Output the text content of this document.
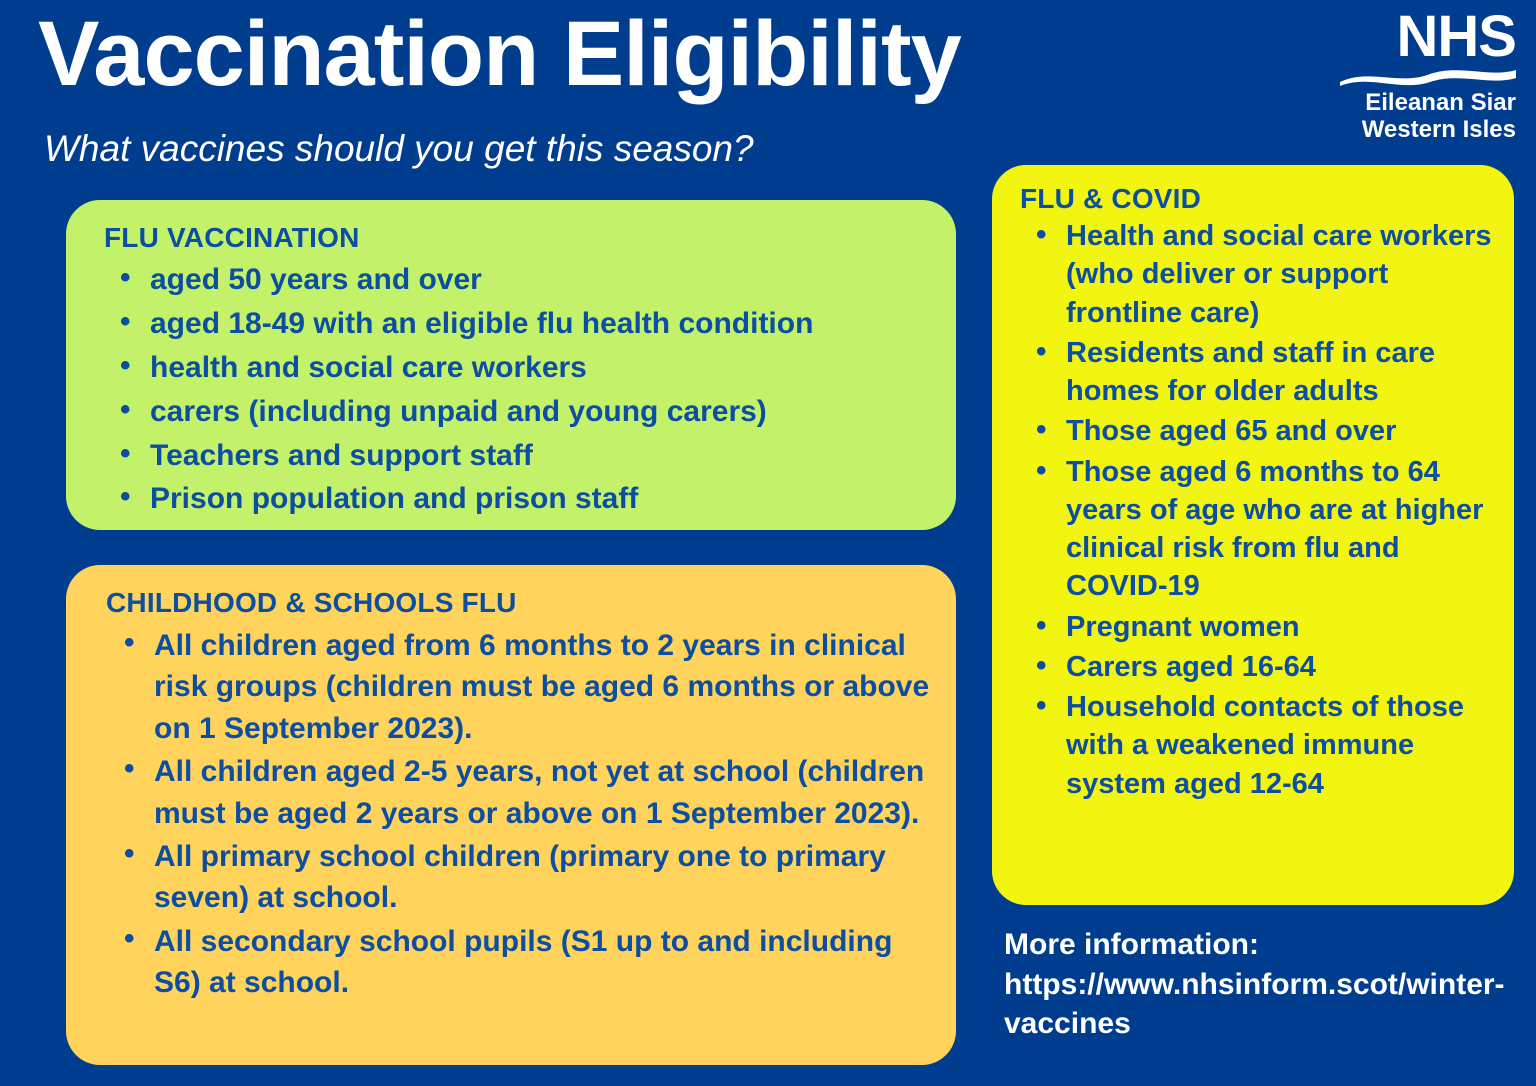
Vaccination Eligibility
What vaccines should you get this season?
NHS
Eileanan Siar
Western Isles
FLU VACCINATION
• aged 50 years and over
• aged 18-49 with an eligible flu health condition
• health and social care workers
• carers (including unpaid and young carers)
• Teachers and support staff
• Prison population and prison staff
CHILDHOOD & SCHOOLS FLU
• All children aged from 6 months to 2 years in clinical risk groups (children must be aged 6 months or above on 1 September 2023).
• All children aged 2-5 years, not yet at school (children must be aged 2 years or above on 1 September 2023).
• All primary school children (primary one to primary seven) at school.
• All secondary school pupils (S1 up to and including S6) at school.
FLU & COVID
• Health and social care workers (who deliver or support frontline care)
• Residents and staff in care homes for older adults
• Those aged 65 and over
• Those aged 6 months to 64 years of age who are at higher clinical risk from flu and COVID-19
• Pregnant women
• Carers aged 16-64
• Household contacts of those with a weakened immune system aged 12-64
More information: https://www.nhsinform.scot/winter-vaccines
